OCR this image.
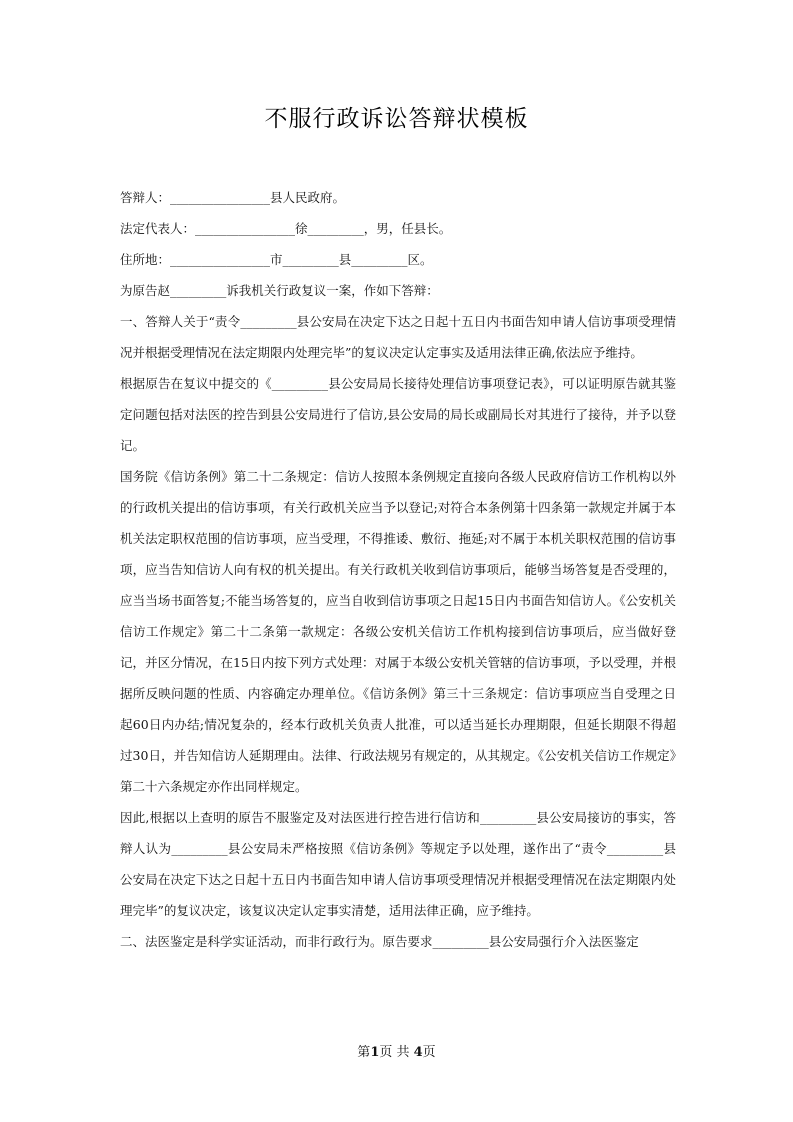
不服行政诉讼答辩状模板

答辩人：________________县人民政府。

法定代表人：________________徐_________，男，任县长。

住所地：________________市_________县_________区。

为原告赵_________诉我机关行政复议一案，作如下答辩：

一、答辩人关于“责令_________县公安局在决定下达之日起十五日内书面告知申请人信访事项受理情况并根据受理情况在法定期限内处理完毕”的复议决定认定事实及适用法律正确,依法应予维持。

根据原告在复议中提交的《_________县公安局局长接待处理信访事项登记表》，可以证明原告就其鉴定问题包括对法医的控告到县公安局进行了信访,县公安局的局长或副局长对其进行了接待，并予以登记。

国务院《信访条例》第二十二条规定：信访人按照本条例规定直接向各级人民政府信访工作机构以外的行政机关提出的信访事项，有关行政机关应当予以登记;对符合本条例第十四条第一款规定并属于本机关法定职权范围的信访事项，应当受理，不得推诿、敷衍、拖延;对不属于本机关职权范围的信访事项，应当告知信访人向有权的机关提出。有关行政机关收到信访事项后，能够当场答复是否受理的，应当当场书面答复;不能当场答复的，应当自收到信访事项之日起15日内书面告知信访人。《公安机关信访工作规定》第二十二条第一款规定：各级公安机关信访工作机构接到信访事项后，应当做好登记，并区分情况，在15日内按下列方式处理：对属于本级公安机关管辖的信访事项，予以受理，并根据所反映问题的性质、内容确定办理单位。《信访条例》第三十三条规定：信访事项应当自受理之日起60日内办结;情况复杂的，经本行政机关负责人批准，可以适当延长办理期限，但延长期限不得超过30日，并告知信访人延期理由。法律、行政法规另有规定的，从其规定。《公安机关信访工作规定》第二十六条规定亦作出同样规定。

因此,根据以上查明的原告不服鉴定及对法医进行控告进行信访和_________县公安局接访的事实，答辩人认为_________县公安局未严格按照《信访条例》等规定予以处理，遂作出了“责令_________县公安局在决定下达之日起十五日内书面告知申请人信访事项受理情况并根据受理情况在法定期限内处理完毕”的复议决定，该复议决定认定事实清楚，适用法律正确，应予维持。

二、法医鉴定是科学实证活动，而非行政行为。原告要求_________县公安局强行介入法医鉴定

第1页 共 4页
